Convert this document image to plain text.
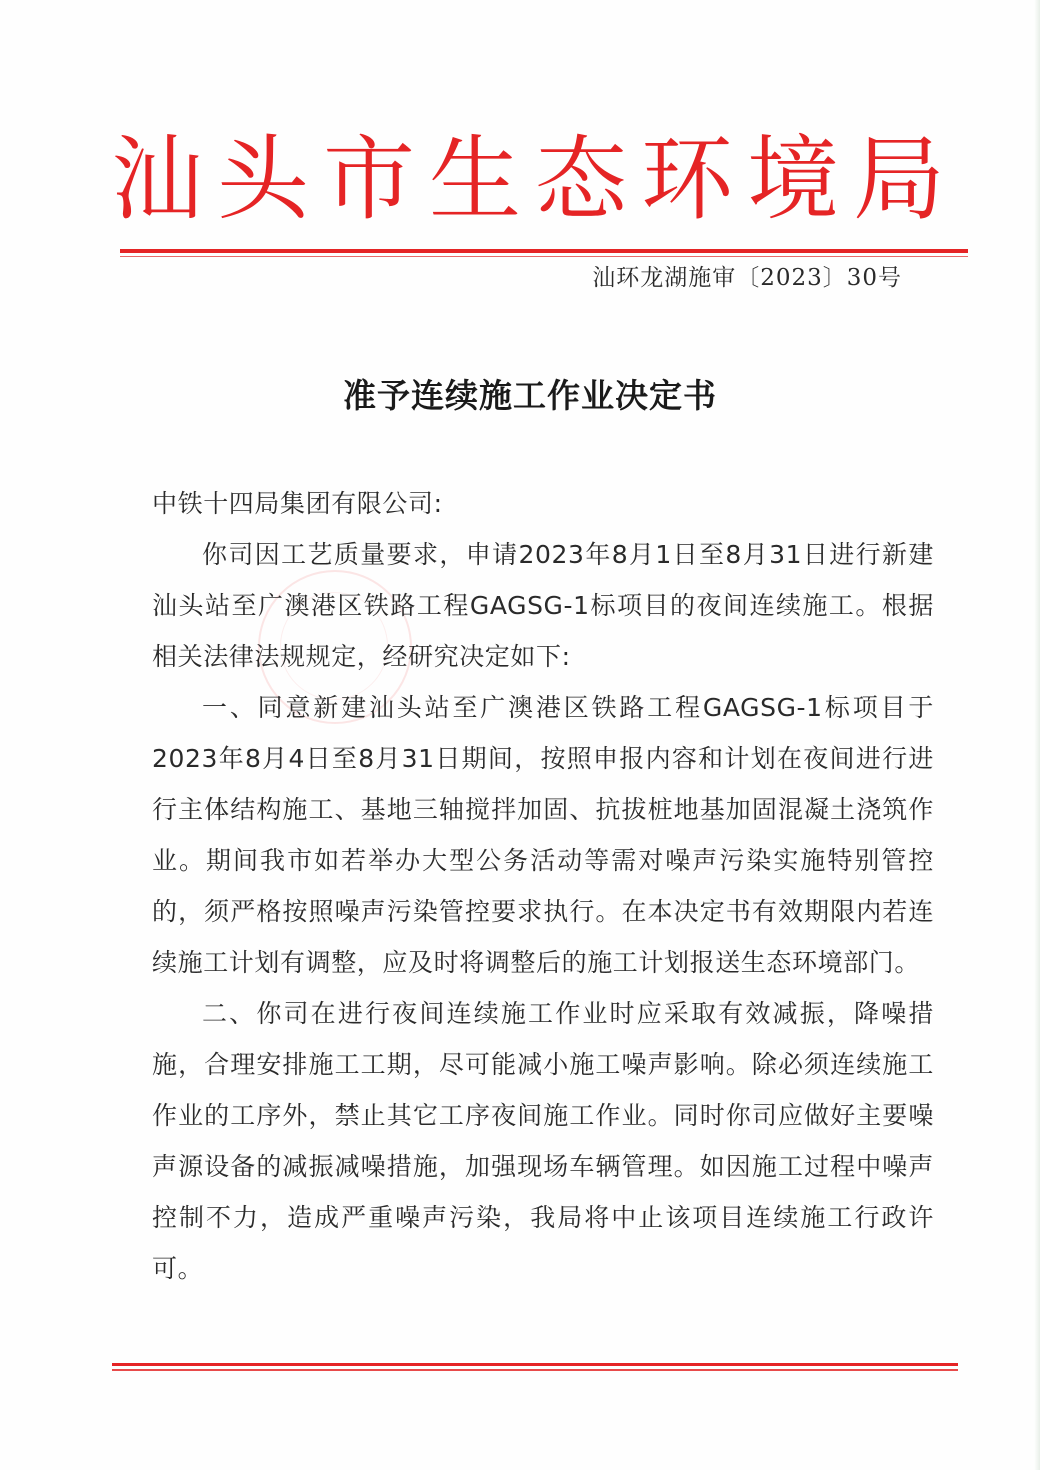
汕头市生态环境局
汕环龙湖施审〔2023〕30号
准予连续施工作业决定书

中铁十四局集团有限公司:

你司因工艺质量要求，申请2023年8月1日至8月31日进行新建汕头站至广澳港区铁路工程GAGSG-1标项目的夜间连续施工。根据相关法律法规规定，经研究决定如下:

一、同意新建汕头站至广澳港区铁路工程GAGSG-1标项目于2023年8月4日至8月31日期间，按照申报内容和计划在夜间进行进行主体结构施工、基地三轴搅拌加固、抗拔桩地基加固混凝土浇筑作业。期间我市如若举办大型公务活动等需对噪声污染实施特别管控的，须严格按照噪声污染管控要求执行。在本决定书有效期限内若连续施工计划有调整，应及时将调整后的施工计划报送生态环境部门。

二、你司在进行夜间连续施工作业时应采取有效减振，降噪措施，合理安排施工工期，尽可能减小施工噪声影响。除必须连续施工作业的工序外，禁止其它工序夜间施工作业。同时你司应做好主要噪声源设备的减振减噪措施，加强现场车辆管理。如因施工过程中噪声控制不力，造成严重噪声污染，我局将中止该项目连续施工行政许可。
